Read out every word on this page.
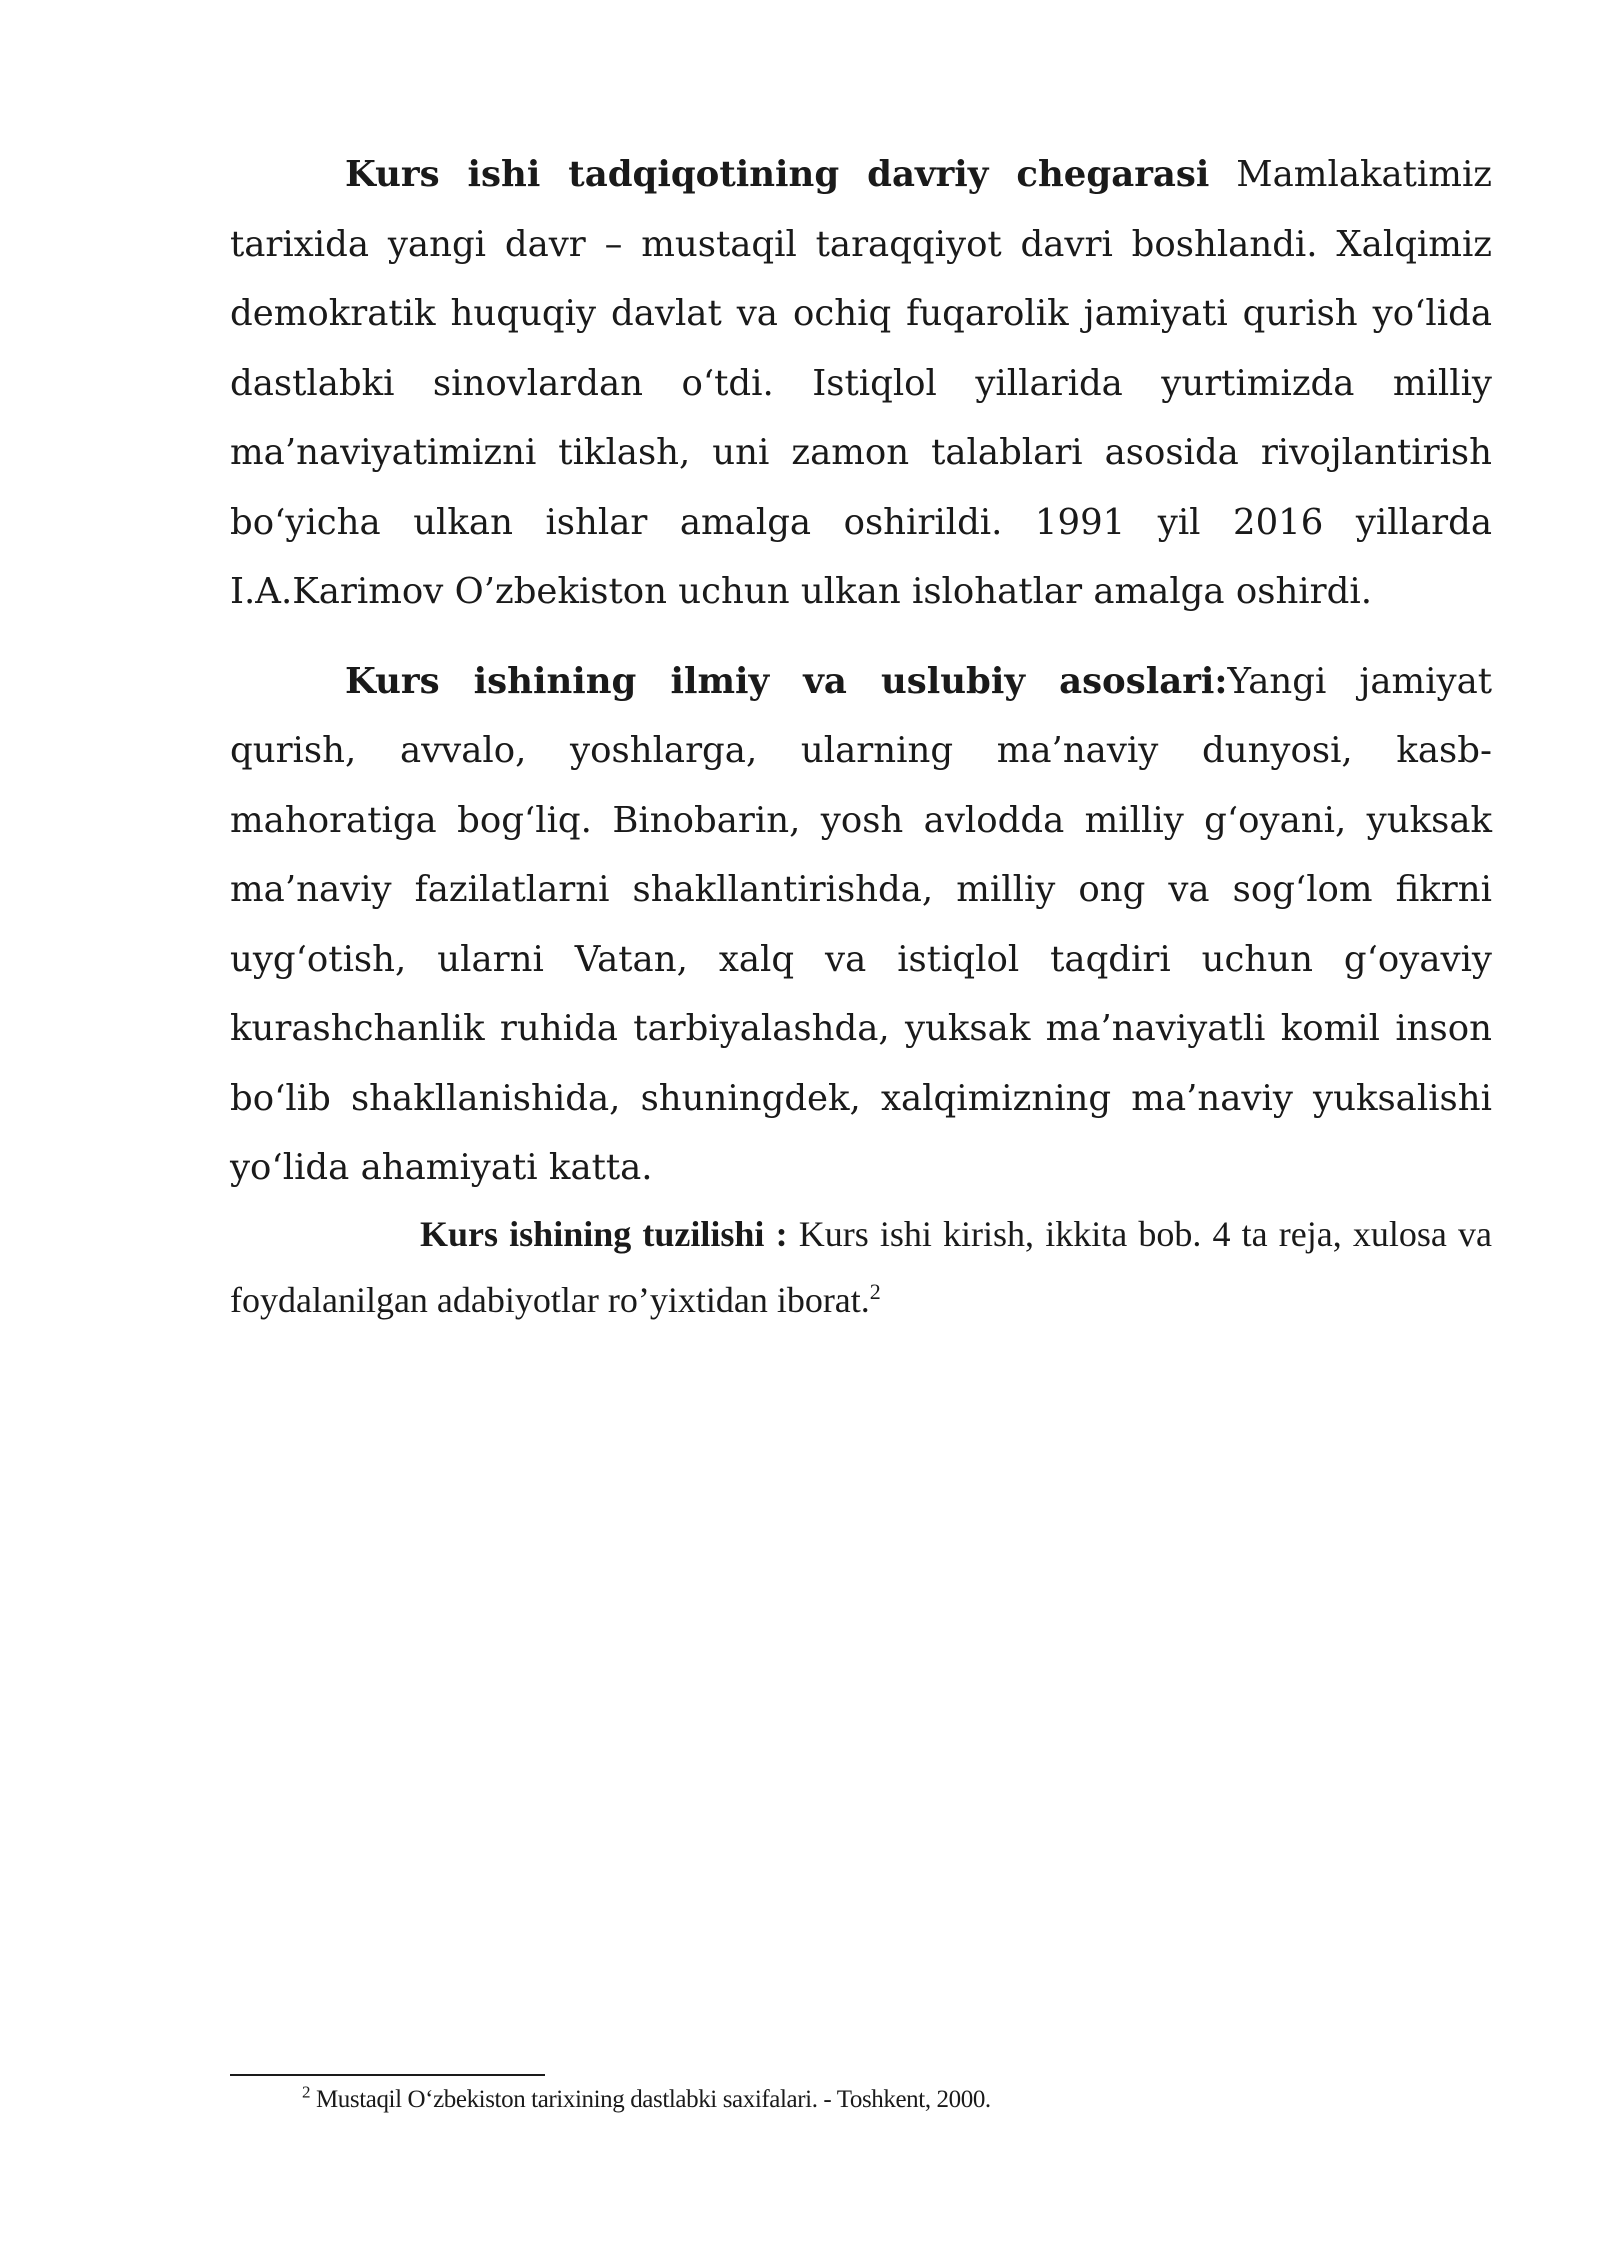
Kurs ishi tadqiqotining davriy chegarasi Mamlakatimiz tarixida yangi davr – mustaqil taraqqiyot davri boshlandi. Xalqimiz demokratik huquqiy davlat va ochiq fuqarolik jamiyati qurish yo‘lida dastlabki sinovlardan o‘tdi. Istiqlol yillarida yurtimizda milliy ma’naviyatimizni tiklash, uni zamon talablari asosida rivojlantirish bo‘yicha ulkan ishlar amalga oshirildi. 1991 yil 2016 yillarda I.A.Karimov O’zbekiston uchun ulkan islohatlar amalga oshirdi.

Kurs ishining ilmiy va uslubiy asoslari:Yangi jamiyat qurish, avvalo, yoshlarga, ularning ma’naviy dunyosi, kasb-mahoratiga bog‘liq. Binobarin, yosh avlodda milliy g‘oyani, yuksak ma’naviy fazilatlarni shakllantirishda, milliy ong va sog‘lom fikrni uyg‘otish, ularni Vatan, xalq va istiqlol taqdiri uchun g‘oyaviy kurashchanlik ruhida tarbiyalashda, yuksak ma’naviyatli komil inson bo‘lib shakllanishida, shuningdek, xalqimizning ma’naviy yuksalishi yo‘lida ahamiyati katta.

Kurs ishining tuzilishi : Kurs ishi kirish, ikkita bob. 4 ta reja, xulosa va foydalanilgan adabiyotlar ro’yixtidan iborat.$^2$

$^2$ Mustaqil O‘zbekiston tarixining dastlabki saxifalari. - Toshkent, 2000.
